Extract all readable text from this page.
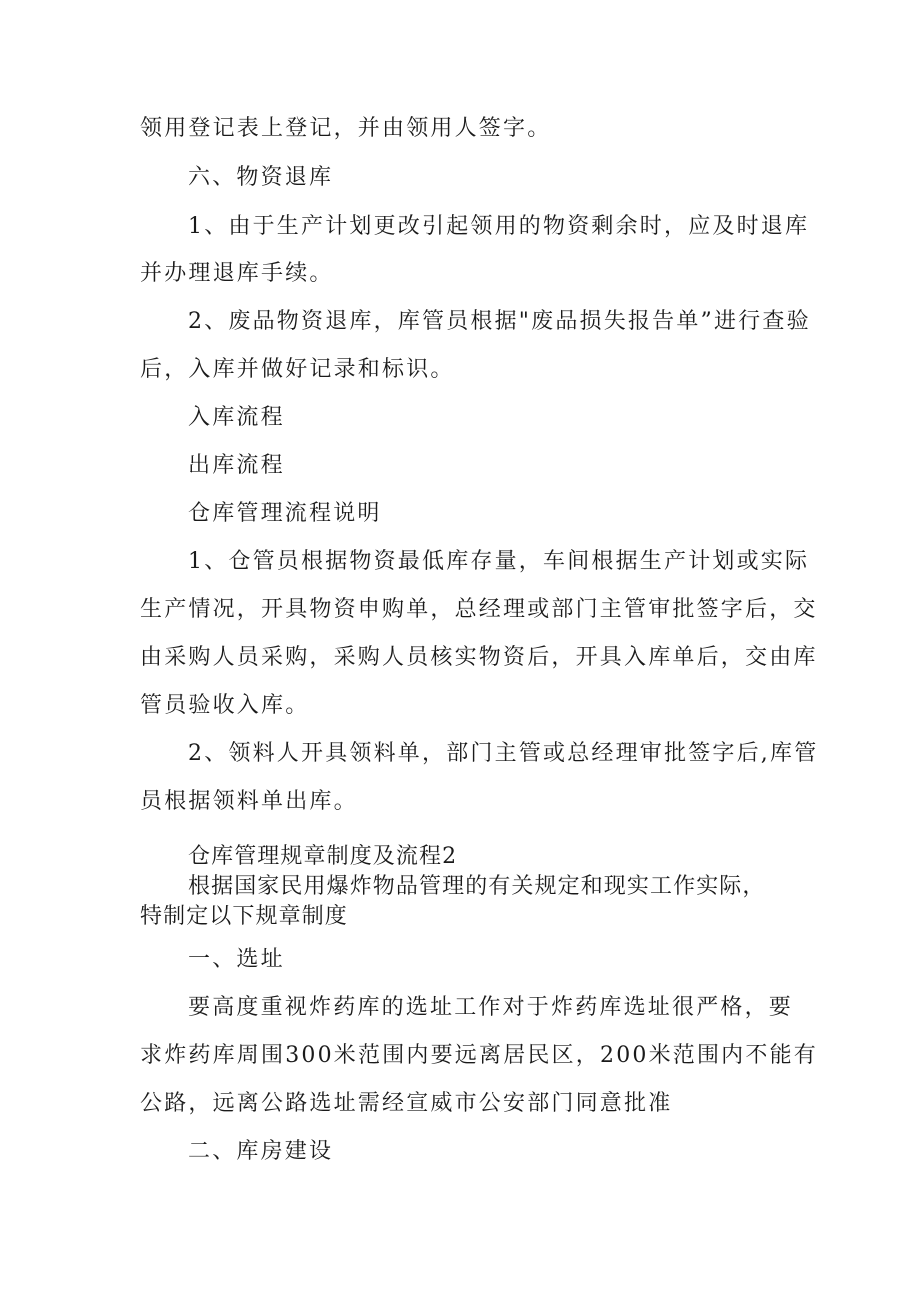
领用登记表上登记，并由领用人签字。
六、物资退库
1、由于生产计划更改引起领用的物资剩余时，应及时退库
并办理退库手续。
2、废品物资退库，库管员根据"废品损失报告单”进行查验
后，入库并做好记录和标识。
入库流程
出库流程
仓库管理流程说明
1、仓管员根据物资最低库存量，车间根据生产计划或实际
生产情况，开具物资申购单，总经理或部门主管审批签字后，交
由采购人员采购，采购人员核实物资后，开具入库单后，交由库
管员验收入库。
2、领料人开具领料单，部门主管或总经理审批签字后,库管
员根据领料单出库。
仓库管理规章制度及流程2
根据国家民用爆炸物品管理的有关规定和现实工作实际，
特制定以下规章制度
一、选址
要高度重视炸药库的选址工作对于炸药库选址很严格，要
求炸药库周围300米范围内要远离居民区，200米范围内不能有
公路，远离公路选址需经宣威市公安部门同意批准
二、库房建设
